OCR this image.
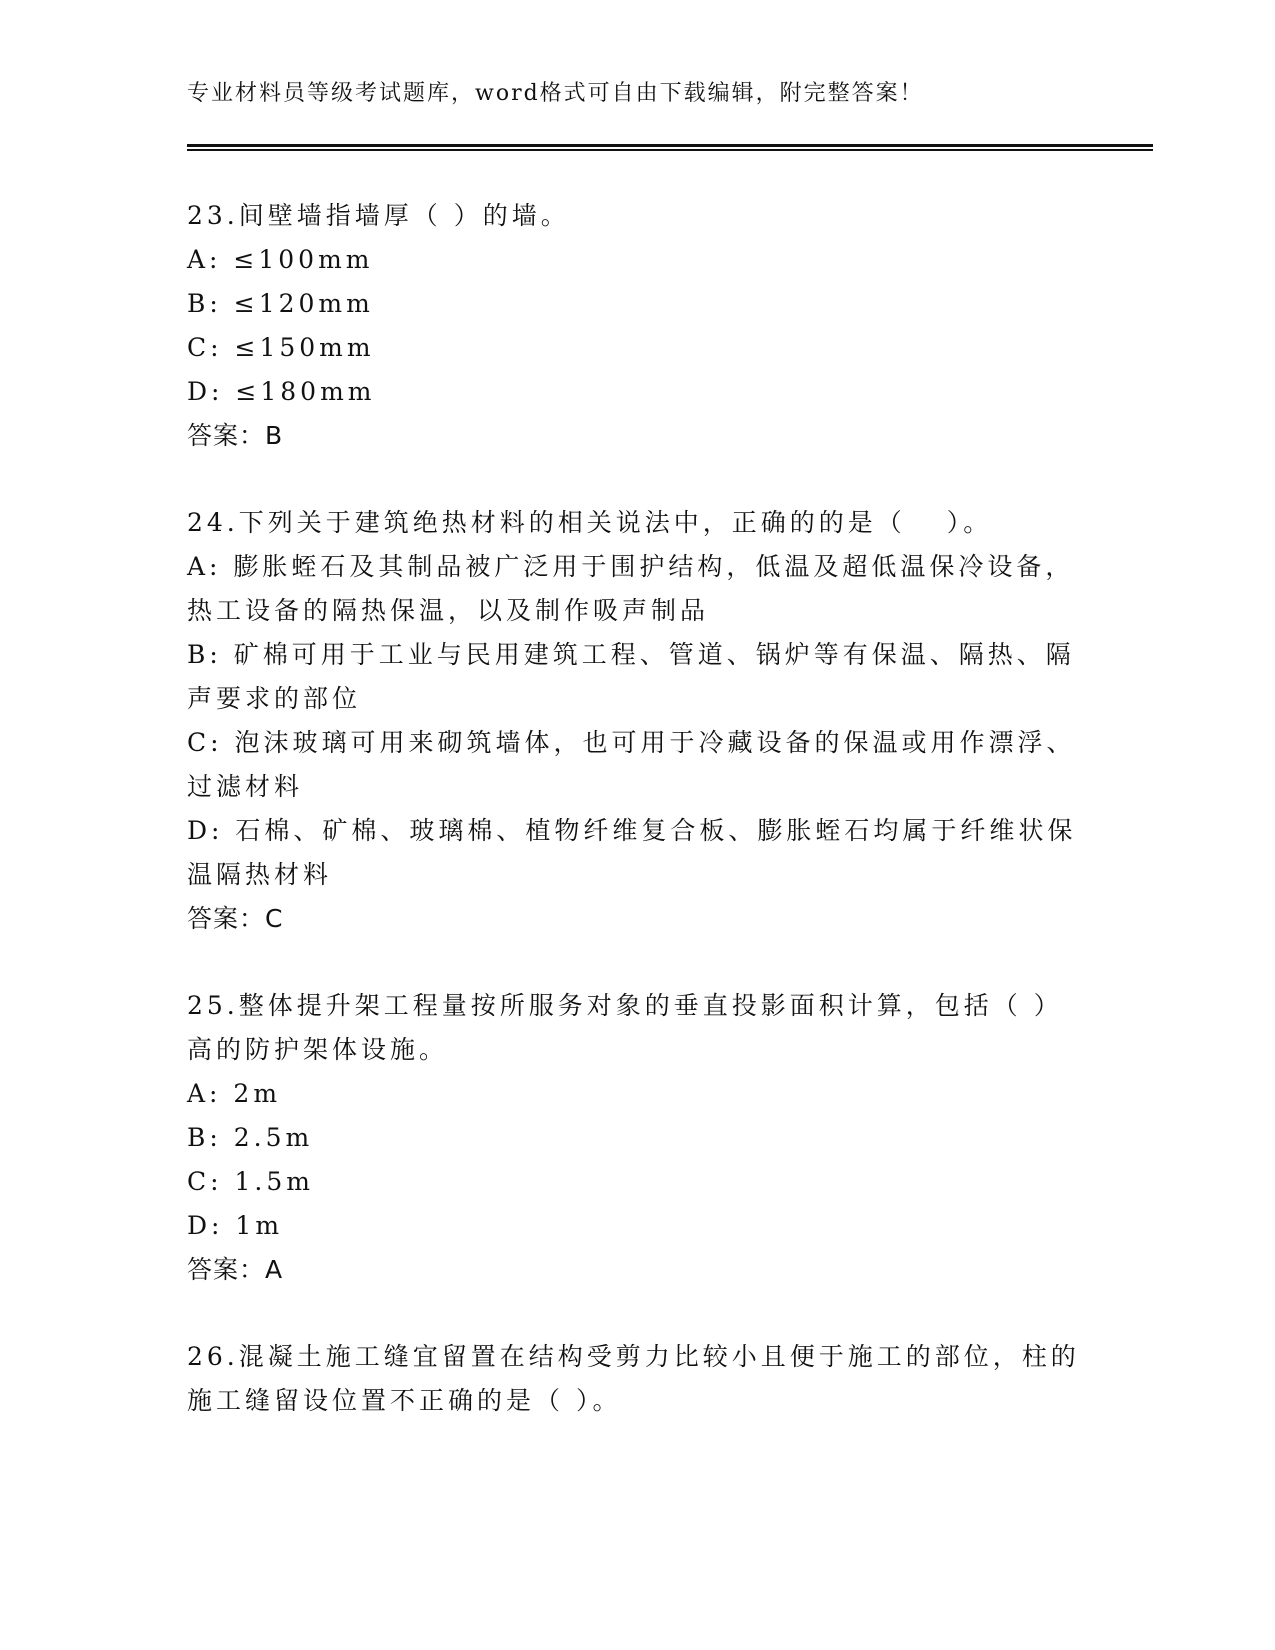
专业材料员等级考试题库，word格式可自由下载编辑，附完整答案！
23.间壁墙指墙厚（ ）的墙。
A: ≤100mm
B: ≤120mm
C: ≤150mm
D: ≤180mm
答案：B
24.下列关于建筑绝热材料的相关说法中，正确的的是（　 ）。
A: 膨胀蛭石及其制品被广泛用于围护结构，低温及超低温保冷设备，
热工设备的隔热保温，以及制作吸声制品
B: 矿棉可用于工业与民用建筑工程、管道、锅炉等有保温、隔热、隔
声要求的部位
C: 泡沫玻璃可用来砌筑墙体，也可用于冷藏设备的保温或用作漂浮、
过滤材料
D: 石棉、矿棉、玻璃棉、植物纤维复合板、膨胀蛭石均属于纤维状保
温隔热材料
答案：C
25.整体提升架工程量按所服务对象的垂直投影面积计算，包括（ ）
高的防护架体设施。
A: 2m
B: 2.5m
C: 1.5m
D: 1m
答案：A
26.混凝土施工缝宜留置在结构受剪力比较小且便于施工的部位，柱的
施工缝留设位置不正确的是（ ）。
